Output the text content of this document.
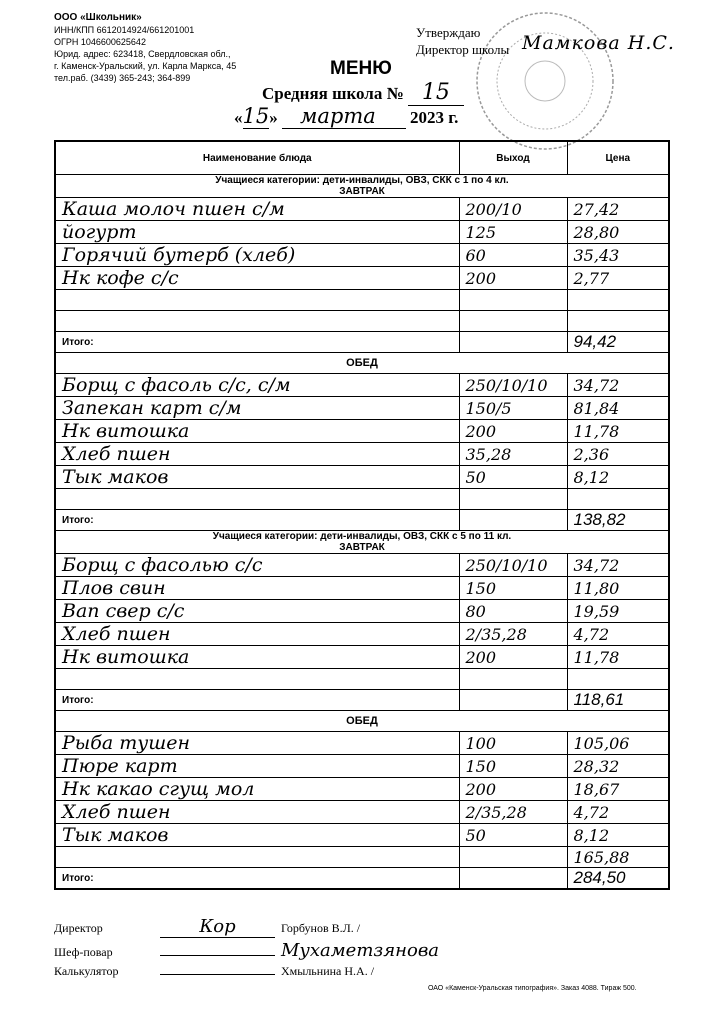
ООО «Школьник»
ИНН/КПП 6612014924/661201001
ОГРН 1046600625642
Юрид. адрес: 623418, Свердловская обл.,
г. Каменск-Уральский, ул. Карла Маркса, 45
тел.раб. (3439) 365-243; 364-899
Утверждаю
Директор школы Мамкова Н.С.
МЕНЮ
Средняя школа № 15
«15» марта 2023 г.
Наименование блюда	Выход	Цена

Учащиеся категории: дети-инвалиды, ОВЗ, СКК с 1 по 4 кл.
ЗАВТРАК		

Каша молоч пшен с/м	200/10	27,42
йогурт	125	28,80
Горячий бутерб (хлеб)	60	35,43
Нк кофе с/с	200	2,77

Итого:		94,42
ОБЕД		
Борщ с фасоль с/с, с/м	250/10/10	34,72
Запекан карт с/м	150/5	81,84
Нк витошка	200	11,78
Хлеб пшен	35,28	2,36
Тык маков	50	8,12

Итого:		138,82

Учащиеся категории: дети-инвалиды, ОВЗ, СКК с 5 по 11 кл.
ЗАВТРАК		

Борщ с фасолью с/с	250/10/10	34,72
Плов свин	150	11,80
Вап свер с/с	80	19,59
Хлеб пшен	2/35,28	4,72
Нк витошка	200	11,78

Итого:		118,61
ОБЕД		
Рыба тушен	100	105,06
Пюре карт	150	28,32
Нк какао сгущ мол	200	18,67
Хлеб пшен	2/35,28	4,72
Тык маков	50	8,12
		165,88
Итого:		284,50
Директор	Кор	Горбунов В.Л. /
Шеф-повар	Мухаметзянова
Калькулятор	Хмыльнина Н.А. /
ОАО «Каменск-Уральская типография». Заказ 4088. Тираж 500.
